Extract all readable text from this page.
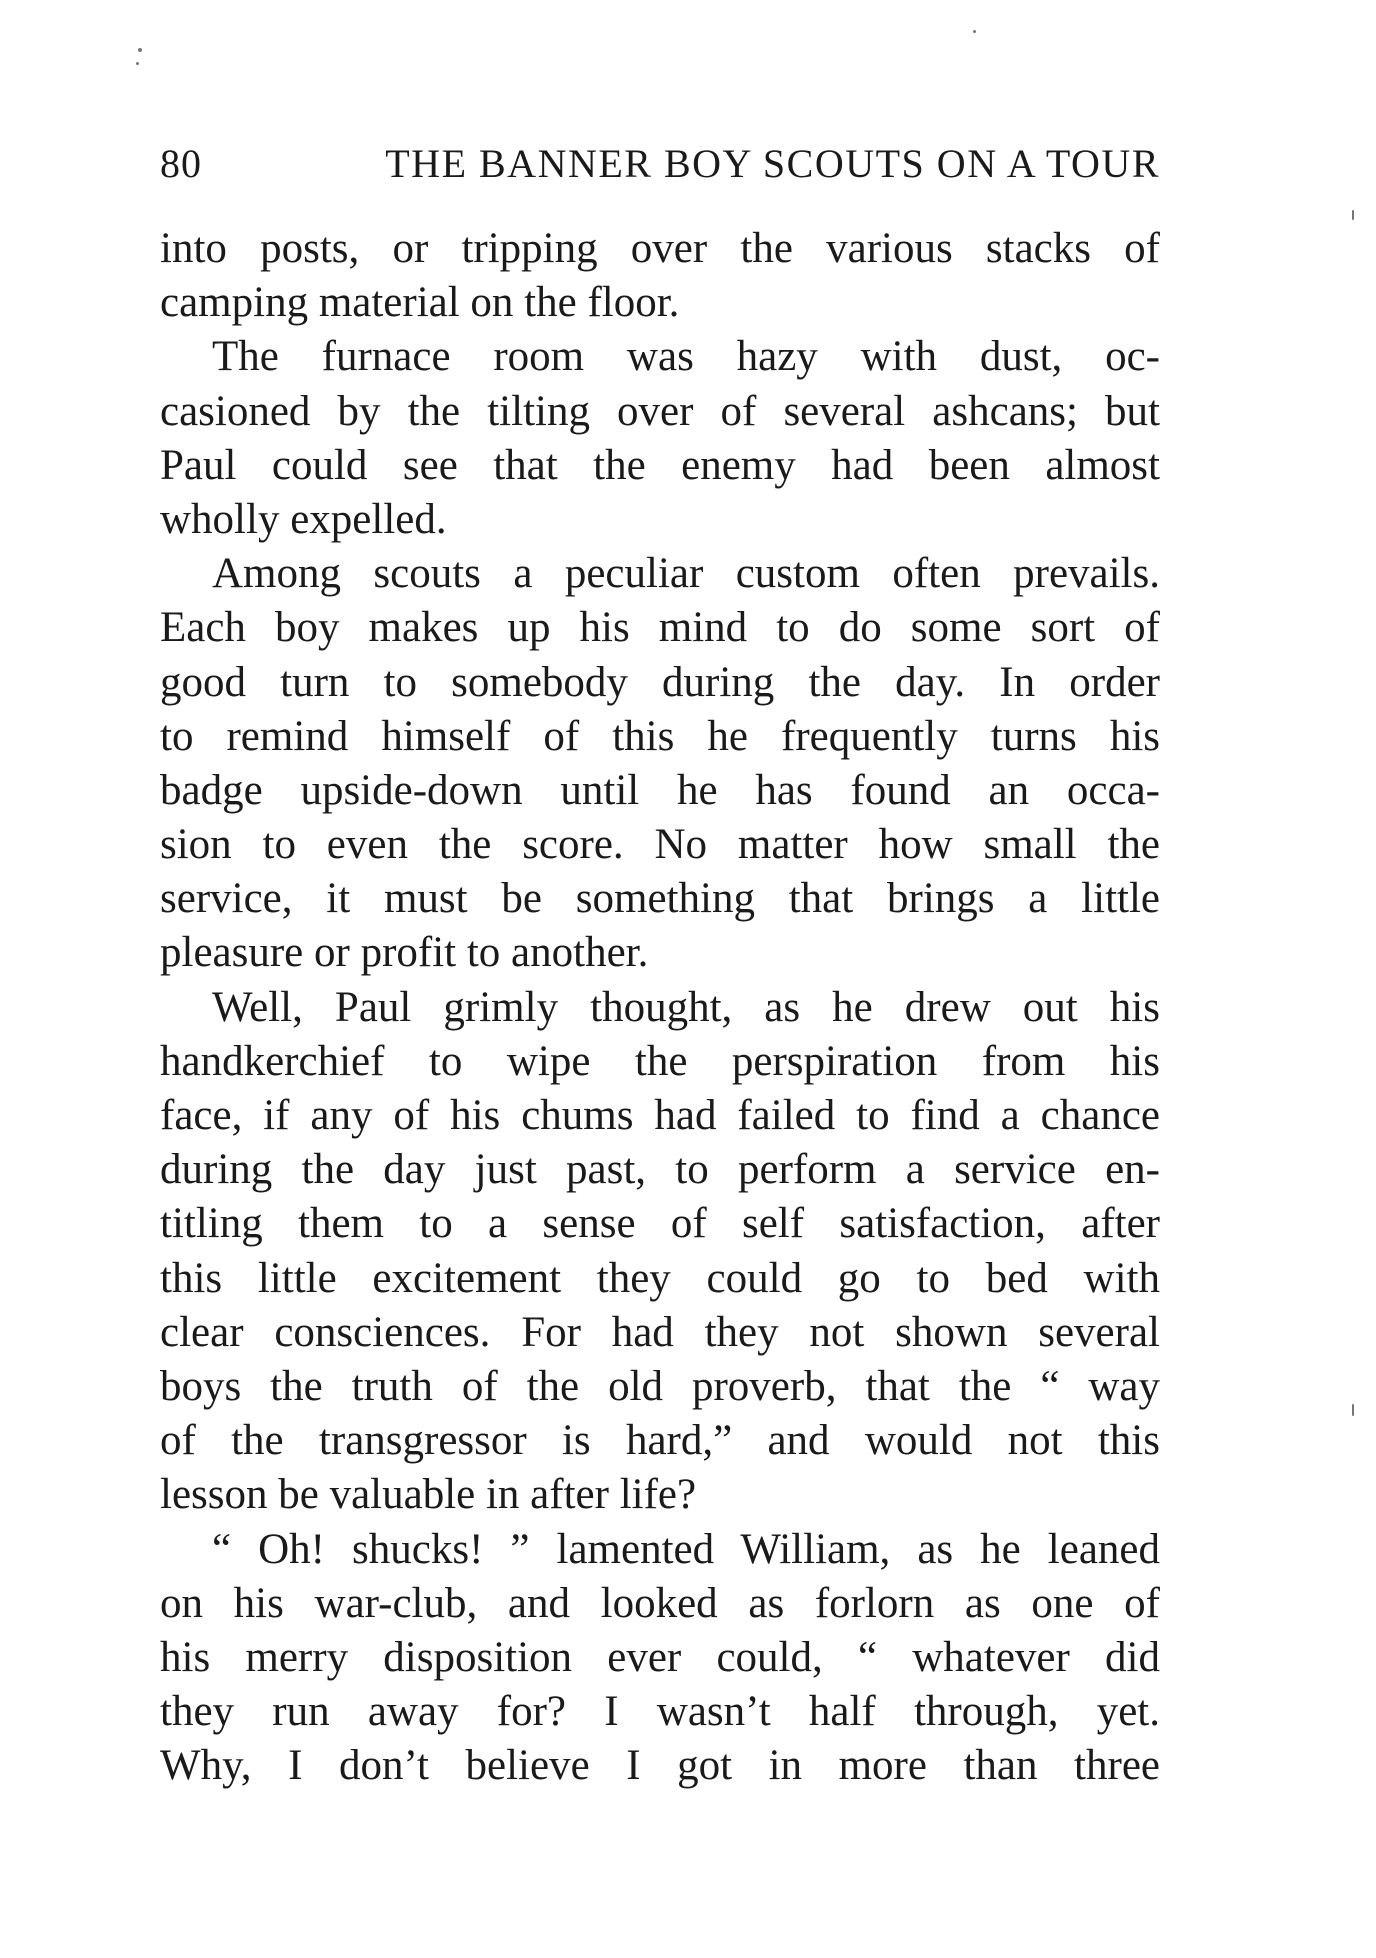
80	THE BANNER BOY SCOUTS ON A TOUR
into posts, or tripping over the various stacks of
camping material on the floor.
The furnace room was hazy with dust, oc-
casioned by the tilting over of several ashcans; but
Paul could see that the enemy had been almost
wholly expelled.
Among scouts a peculiar custom often prevails.
Each boy makes up his mind to do some sort of
good turn to somebody during the day. In order
to remind himself of this he frequently turns his
badge upside-down until he has found an occa-
sion to even the score. No matter how small the
service, it must be something that brings a little
pleasure or profit to another.
Well, Paul grimly thought, as he drew out his
handkerchief to wipe the perspiration from his
face, if any of his chums had failed to find a chance
during the day just past, to perform a service en-
titling them to a sense of self satisfaction, after
this little excitement they could go to bed with
clear consciences. For had they not shown several
boys the truth of the old proverb, that the “ way
of the transgressor is hard,” and would not this
lesson be valuable in after life?
“ Oh! shucks! ” lamented William, as he leaned
on his war-club, and looked as forlorn as one of
his merry disposition ever could, “ whatever did
they run away for? I wasn’t half through, yet.
Why, I don’t believe I got in more than three
